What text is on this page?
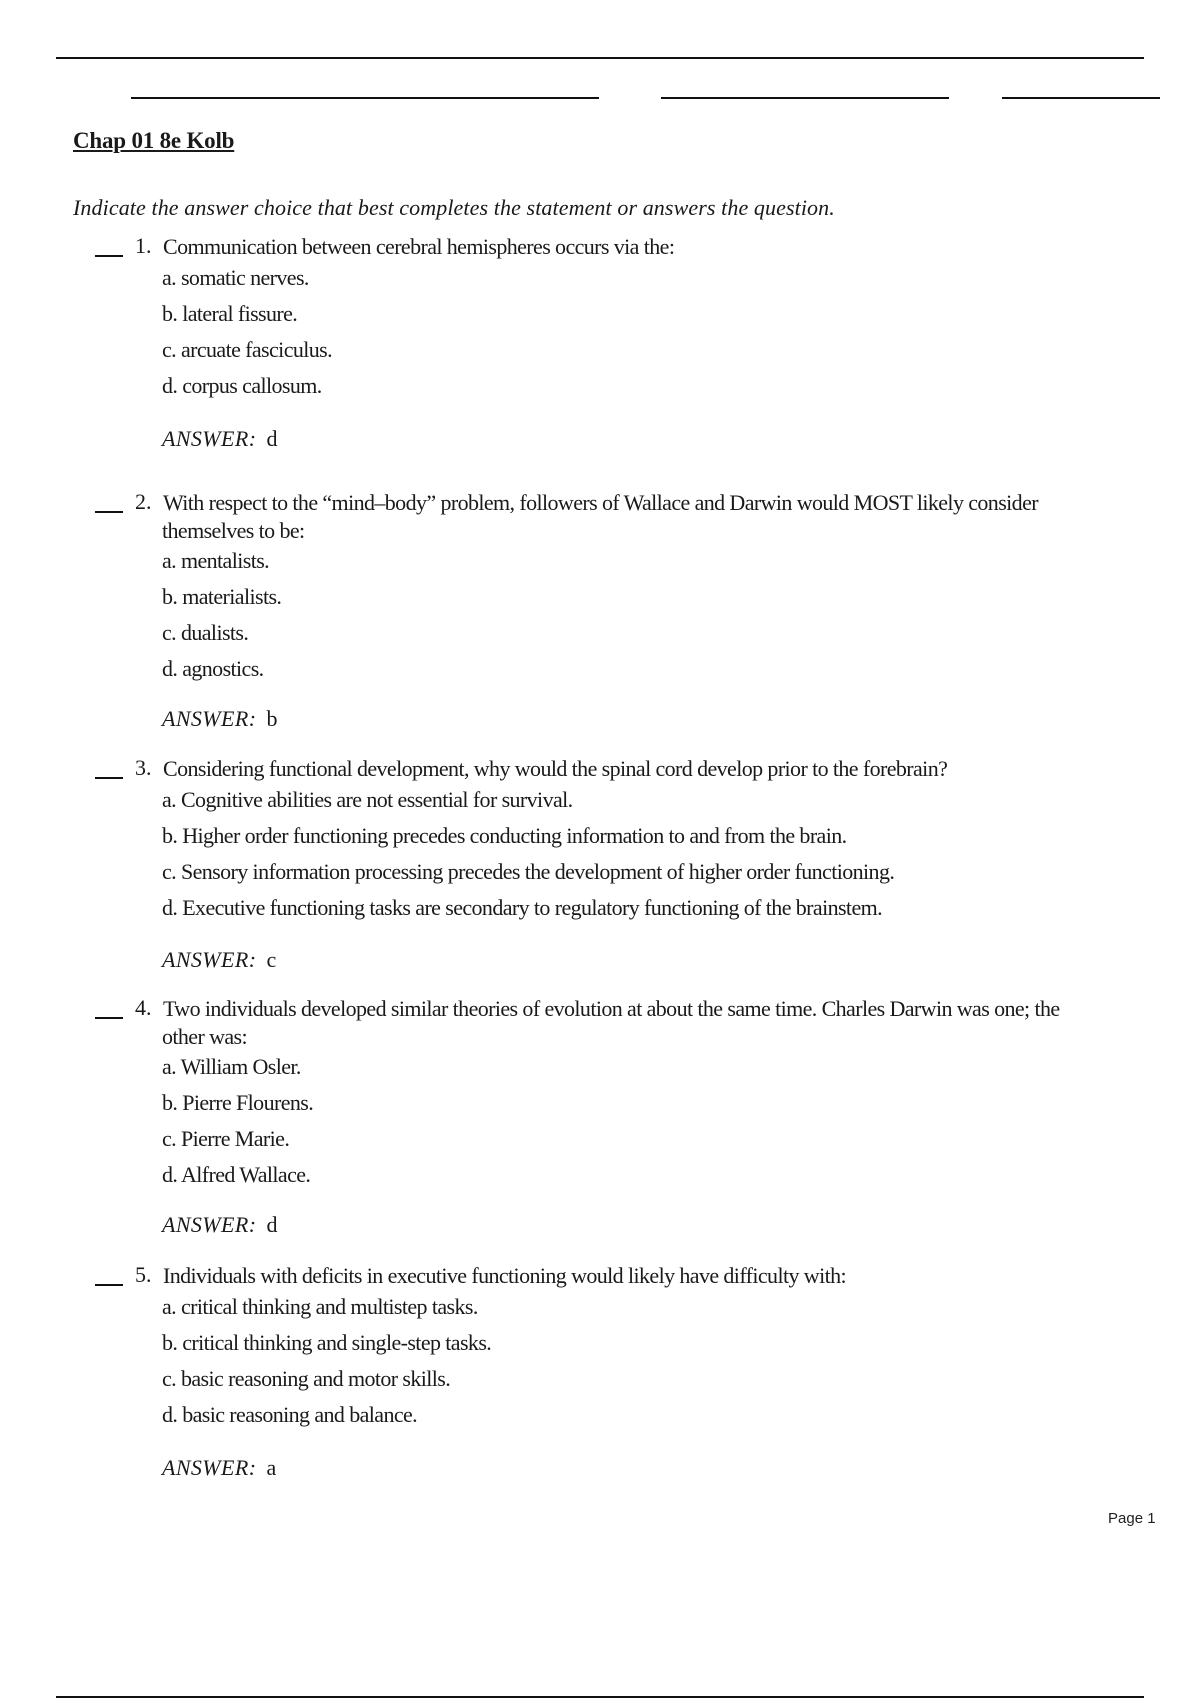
Chap 01 8e Kolb
Indicate the answer choice that best completes the statement or answers the question.
1. Communication between cerebral hemispheres occurs via the:
a. somatic nerves.
b. lateral fissure.
c. arcuate fasciculus.
d. corpus callosum.
ANSWER: d
2. With respect to the “mind–body” problem, followers of Wallace and Darwin would MOST likely consider
themselves to be:
a. mentalists.
b. materialists.
c. dualists.
d. agnostics.
ANSWER: b
3. Considering functional development, why would the spinal cord develop prior to the forebrain?
a. Cognitive abilities are not essential for survival.
b. Higher order functioning precedes conducting information to and from the brain.
c. Sensory information processing precedes the development of higher order functioning.
d. Executive functioning tasks are secondary to regulatory functioning of the brainstem.
ANSWER: c
4. Two individuals developed similar theories of evolution at about the same time. Charles Darwin was one; the
other was:
a. William Osler.
b. Pierre Flourens.
c. Pierre Marie.
d. Alfred Wallace.
ANSWER: d
5. Individuals with deficits in executive functioning would likely have difficulty with:
a. critical thinking and multistep tasks.
b. critical thinking and single-step tasks.
c. basic reasoning and motor skills.
d. basic reasoning and balance.
ANSWER: a
Page 1
